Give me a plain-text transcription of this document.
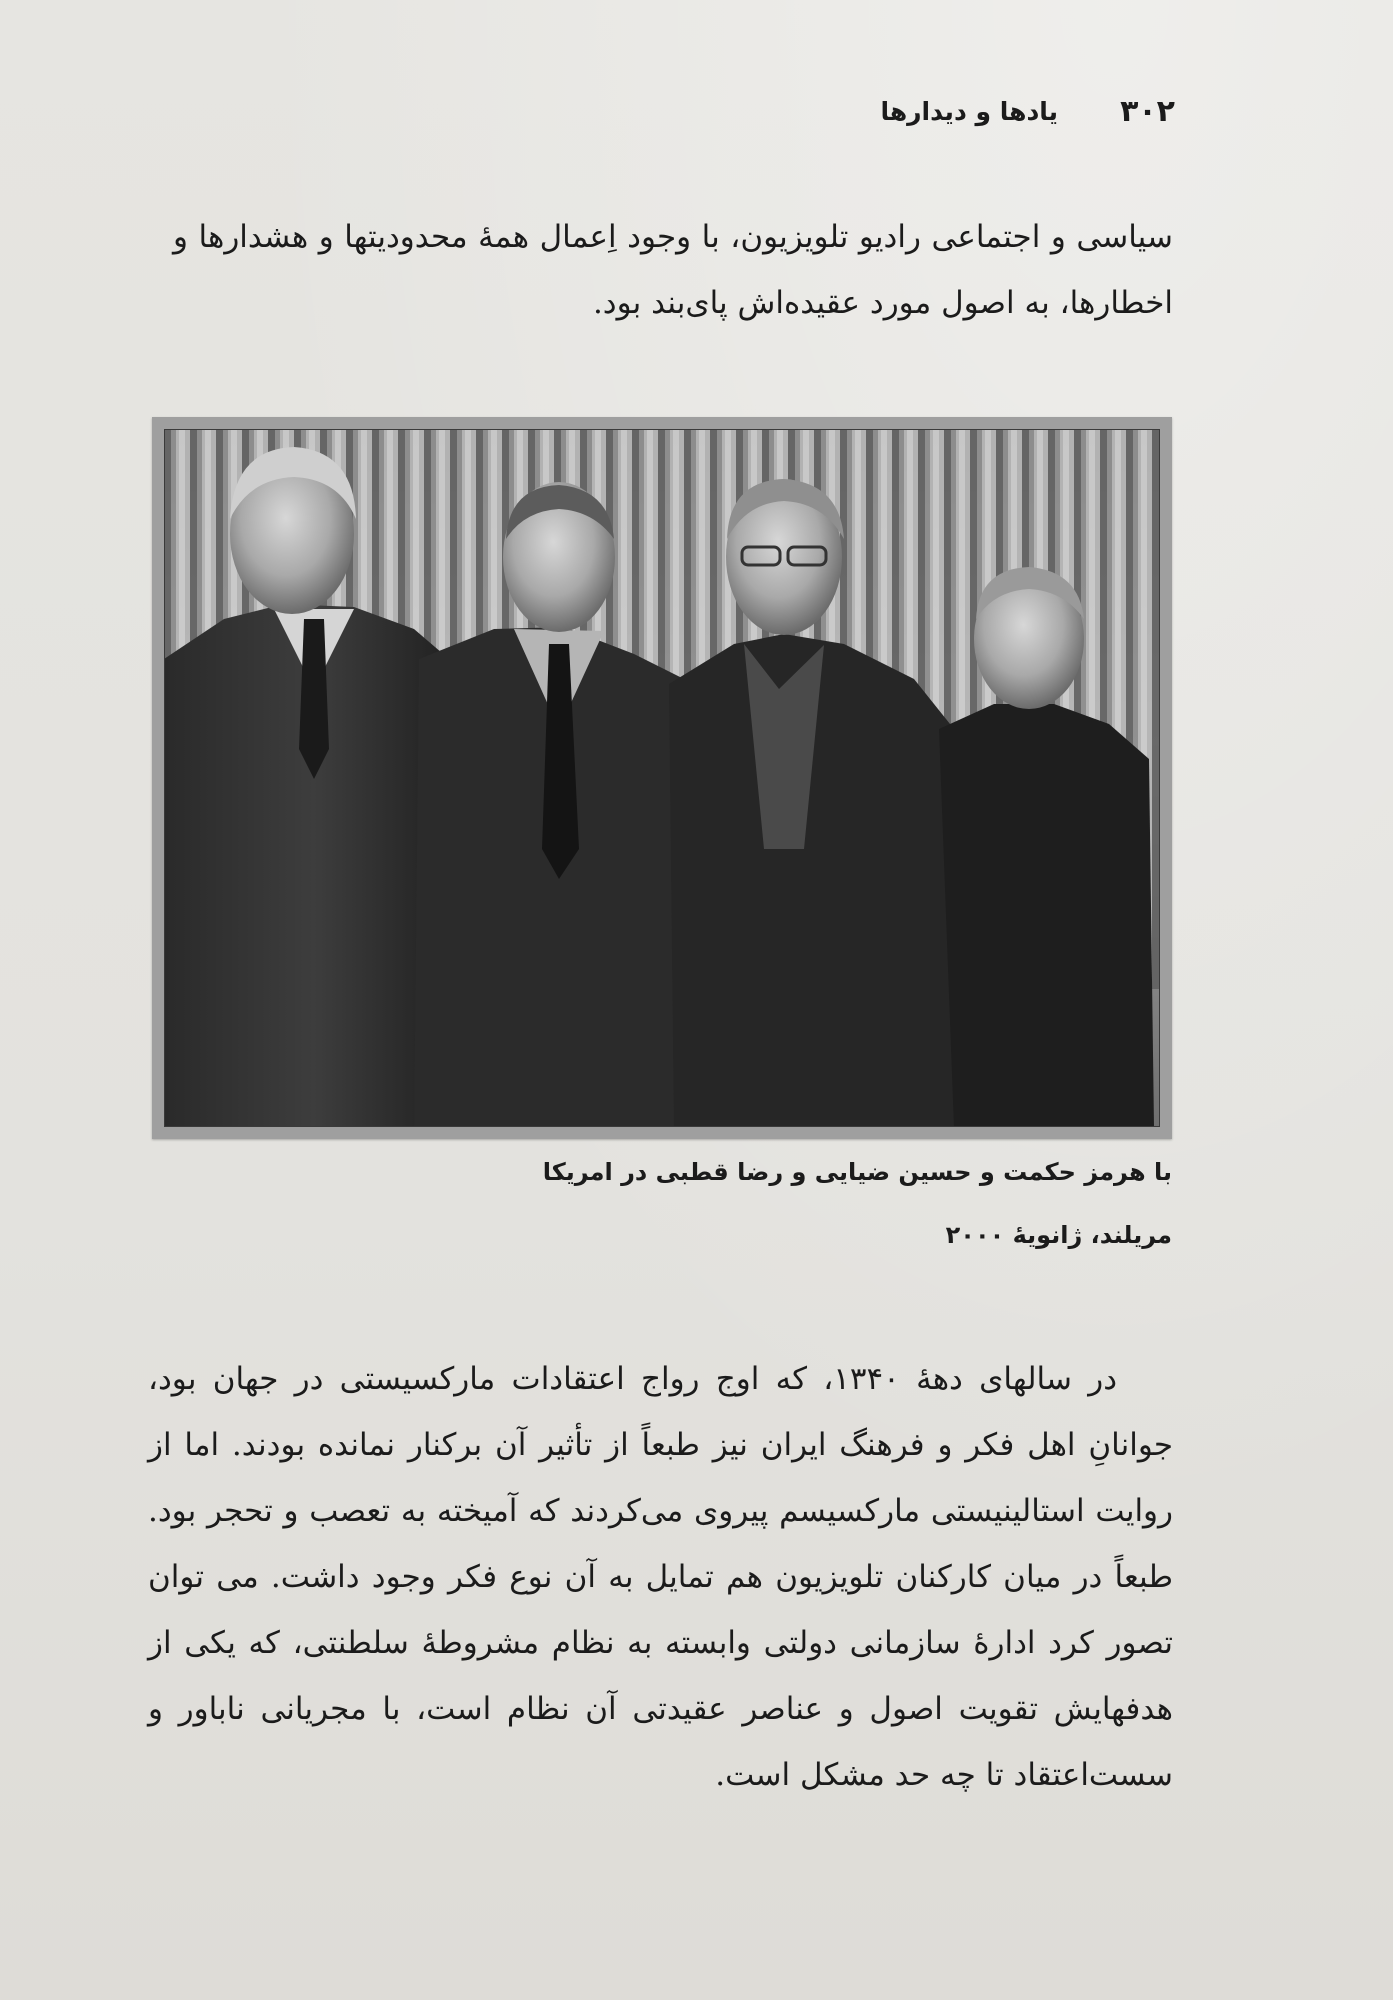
۳۰۲
یادها و دیدارها

سیاسی و اجتماعی رادیو تلویزیون، با وجود اِعمال همهٔ محدودیتها و هشدارها و اخطارها، به اصول مورد عقیده‌اش پای‌بند بود.

با هرمز حکمت و حسین ضیایی و رضا قطبی در امریکا

مریلند، ژانویهٔ ۲۰۰۰

در سالهای دههٔ ۱۳۴۰، که اوج رواج اعتقادات مارکسیستی در جهان بود، جوانانِ اهل فکر و فرهنگ ایران نیز طبعاً از تأثیر آن برکنار نمانده بودند. اما از روایت استالینیستی مارکسیسم پیروی می‌کردند که آمیخته به تعصب و تحجر بود. طبعاً در میان کارکنان تلویزیون هم تمایل به آن نوع فکر وجود داشت. می توان تصور کرد ادارهٔ سازمانی دولتی وابسته به نظام مشروطهٔ سلطنتی، که یکی از هدفهایش تقویت اصول و عناصر عقیدتی آن نظام است، با مجریانی ناباور و سست‌اعتقاد تا چه حد مشکل است.
